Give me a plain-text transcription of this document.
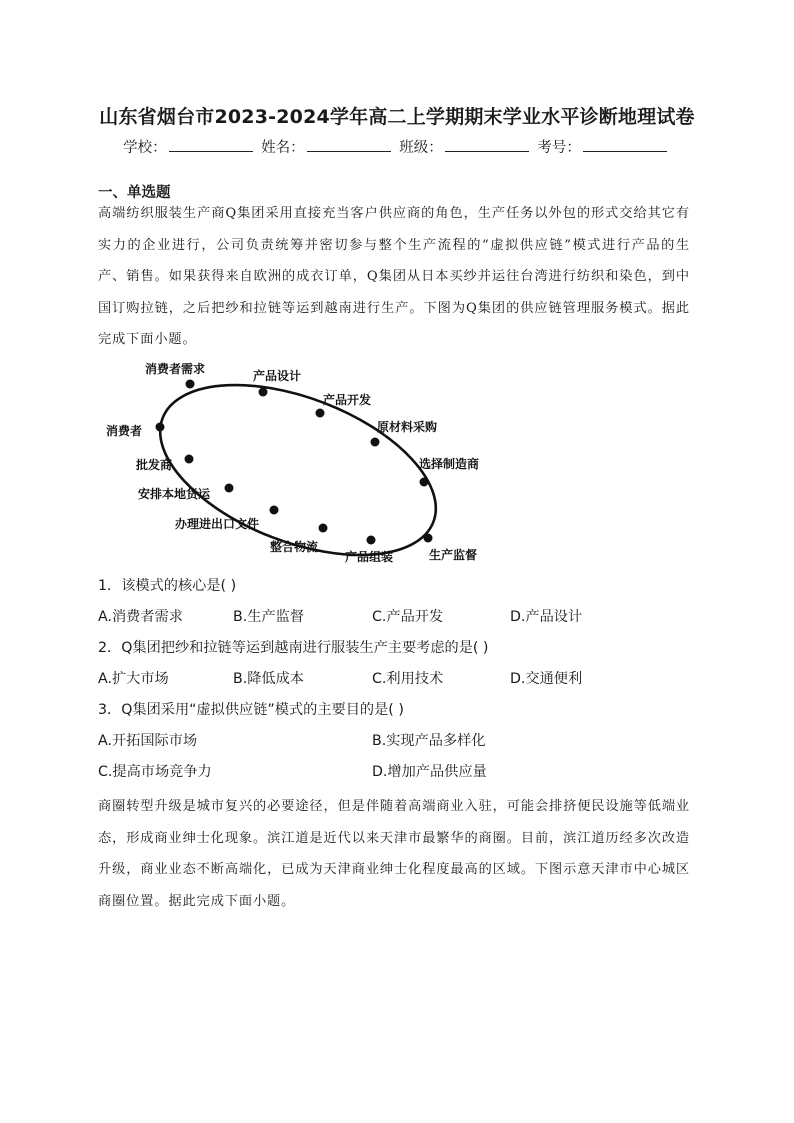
山东省烟台市2023-2024学年高二上学期期末学业水平诊断地理试卷
学校：	姓名：	班级：	考号：
一、单选题
高端纺织服装生产商Q集团采用直接充当客户供应商的角色，生产任务以外包的形式交给其它有实力的企业进行，公司负责统筹并密切参与整个生产流程的“虚拟供应链”模式进行产品的生产、销售。如果获得来自欧洲的成衣订单，Q集团从日本买纱并运往台湾进行纺织和染色，到中国订购拉链，之后把纱和拉链等运到越南进行生产。下图为Q集团的供应链管理服务模式。据此完成下面小题。
消费者需求	产品设计
产品开发
原材料采购
选择制造商
生产监督
产品组装
整合物流
办理进出口文件
安排本地货运
批发商
消费者
1．该模式的核心是( )
A.消费者需求	B.生产监督	C.产品开发	D.产品设计
2．Q集团把纱和拉链等运到越南进行服装生产主要考虑的是( )
A.扩大市场	B.降低成本	C.利用技术	D.交通便利
3．Q集团采用“虚拟供应链”模式的主要目的是( )
A.开拓国际市场	B.实现产品多样化
C.提高市场竞争力	D.增加产品供应量
商圈转型升级是城市复兴的必要途径，但是伴随着高端商业入驻，可能会排挤便民设施等低端业态，形成商业绅士化现象。滨江道是近代以来天津市最繁华的商圈。目前，滨江道历经多次改造升级，商业业态不断高端化，已成为天津商业绅士化程度最高的区域。下图示意天津市中心城区商圈位置。据此完成下面小题。
